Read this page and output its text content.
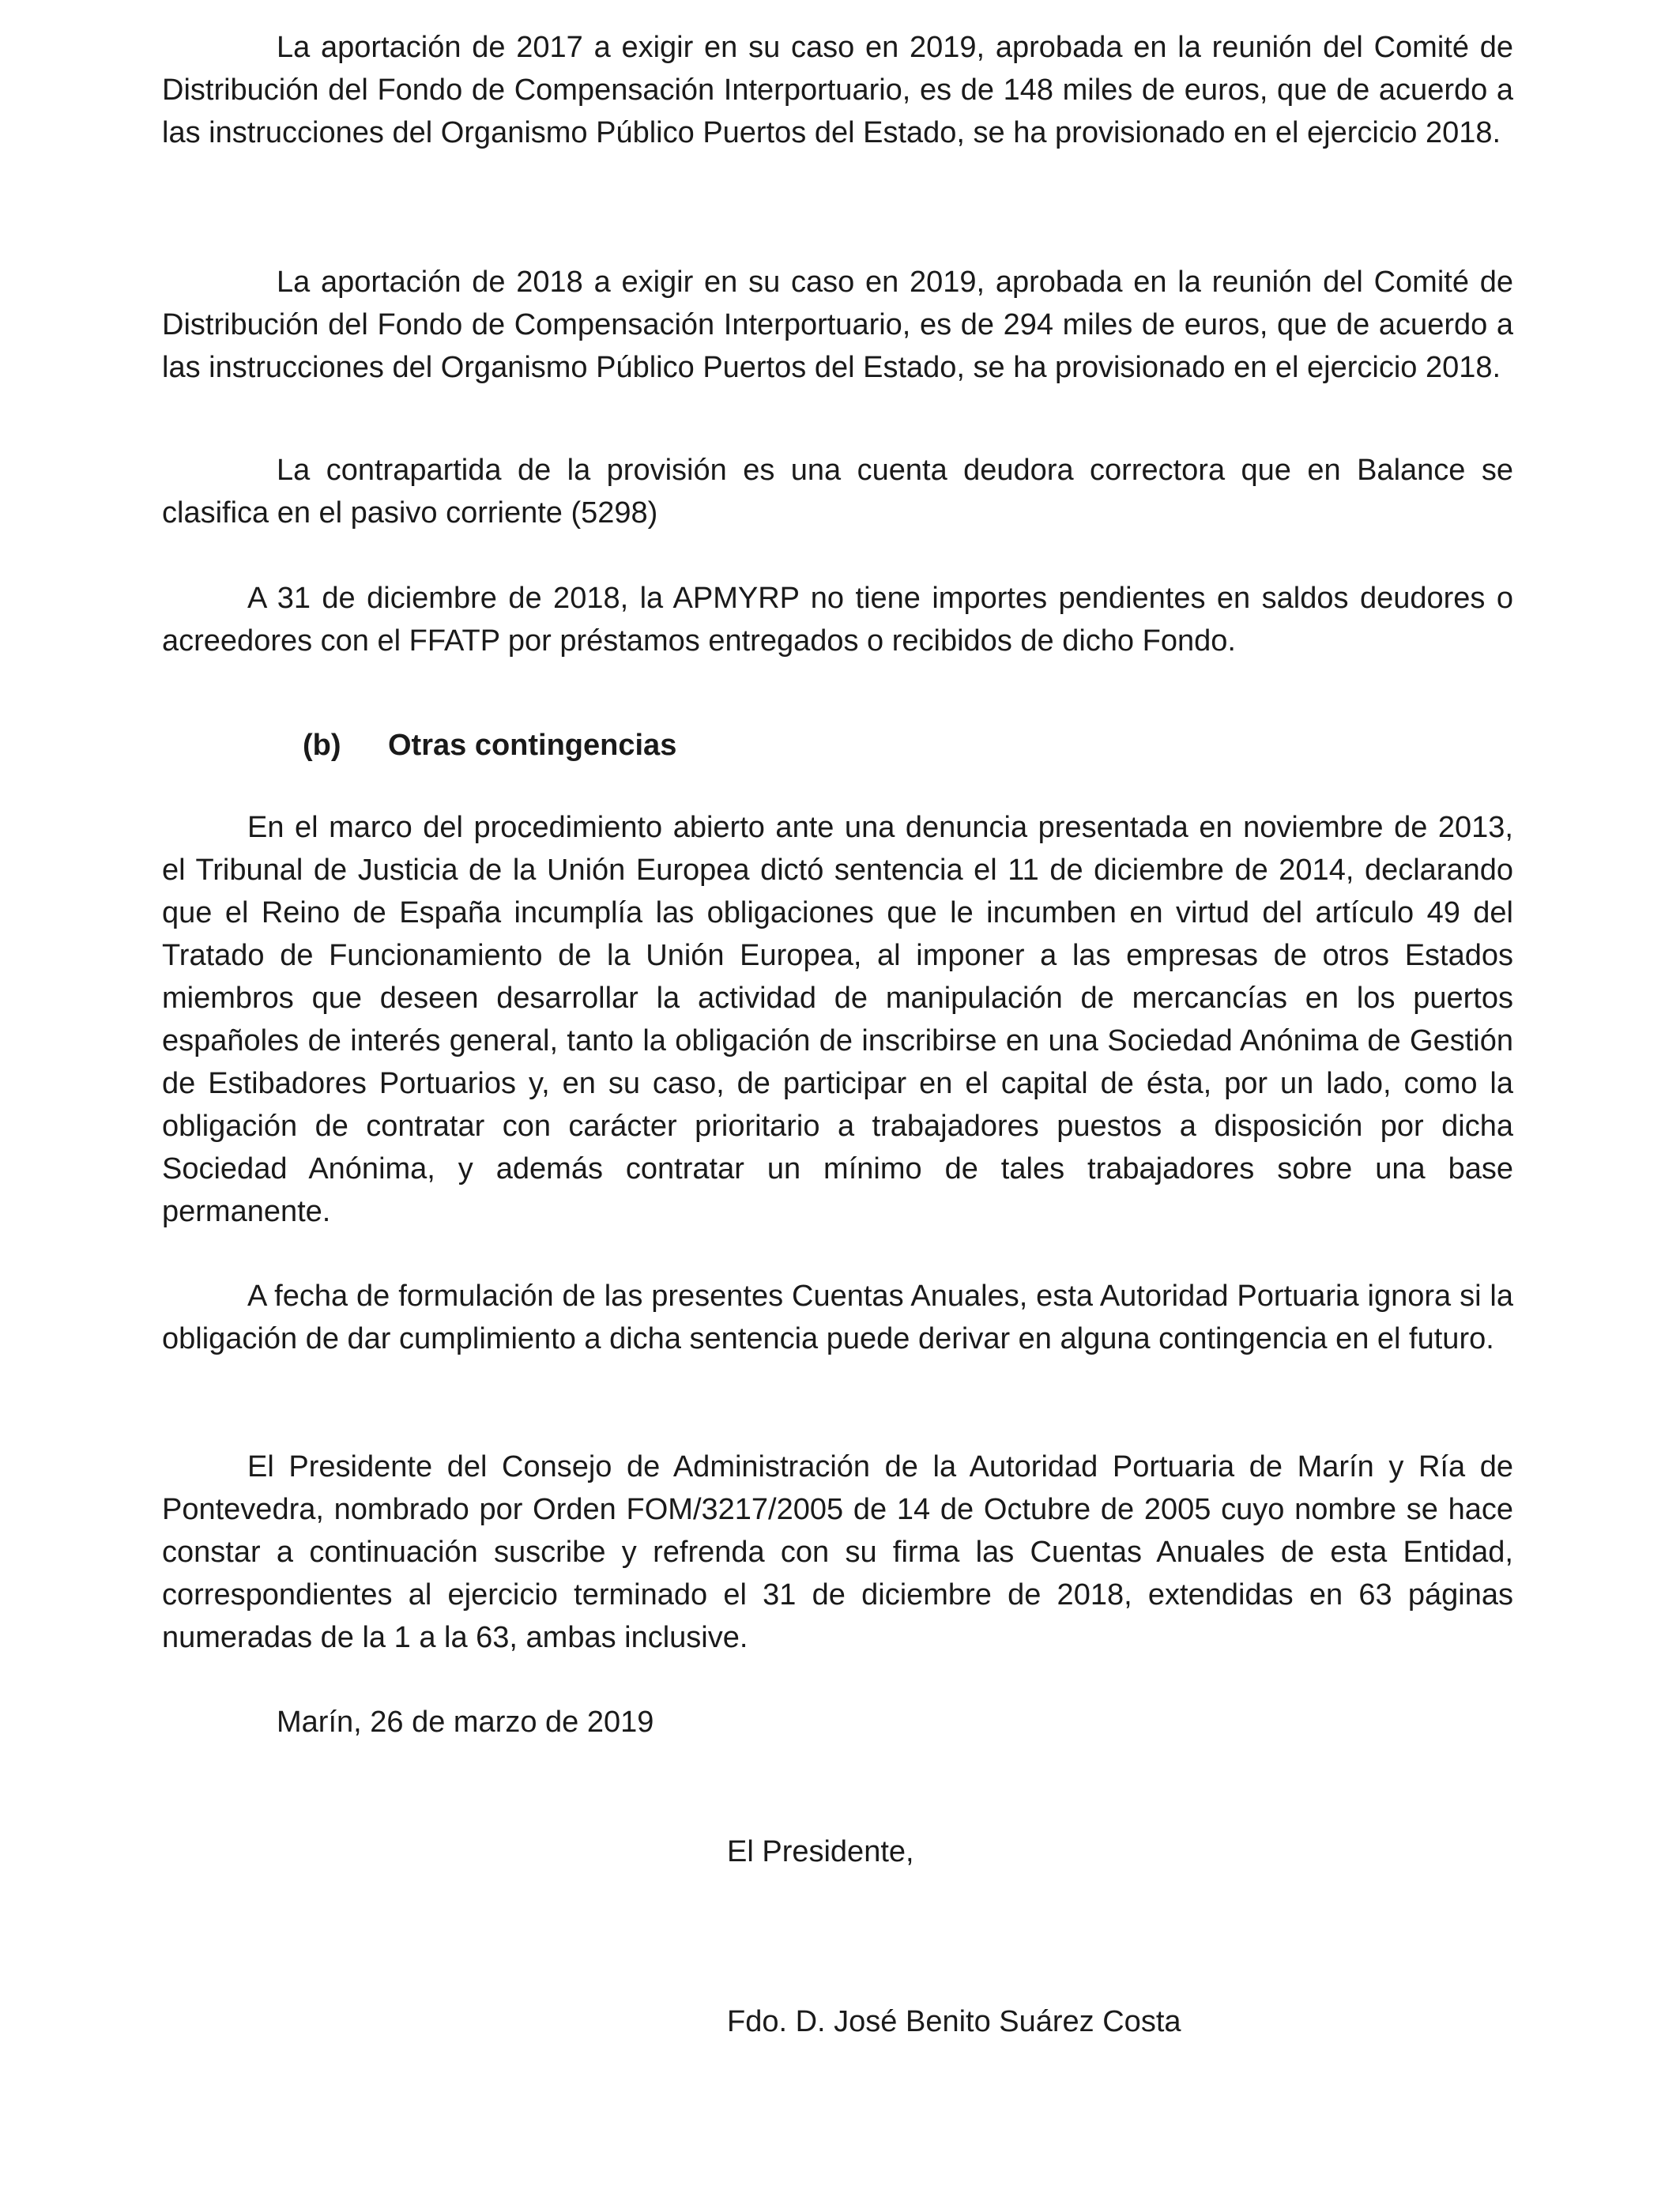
La aportación de 2017 a exigir en su caso en 2019, aprobada en la reunión del Comité de Distribución del Fondo de Compensación Interportuario, es de 148 miles de euros, que de acuerdo a las instrucciones del Organismo Público Puertos del Estado, se ha provisionado en el ejercicio 2018.

La aportación de 2018 a exigir en su caso en 2019, aprobada en la reunión del Comité de Distribución del Fondo de Compensación Interportuario, es de 294 miles de euros, que de acuerdo a las instrucciones del Organismo Público Puertos del Estado, se ha provisionado en el ejercicio 2018.

La contrapartida de la provisión es una cuenta deudora correctora que en Balance se clasifica en el pasivo corriente (5298)

A 31 de diciembre de 2018, la APMYRP no tiene importes pendientes en saldos deudores o acreedores con el FFATP por préstamos entregados o recibidos de dicho Fondo.

(b) Otras contingencias

En el marco del procedimiento abierto ante una denuncia presentada en noviembre de 2013, el Tribunal de Justicia de la Unión Europea dictó sentencia el 11 de diciembre de 2014, declarando que el Reino de España incumplía las obligaciones que le incumben en virtud del artículo 49 del Tratado de Funcionamiento de la Unión Europea, al imponer a las empresas de otros Estados miembros que deseen desarrollar la actividad de manipulación de mercancías en los puertos españoles de interés general, tanto la obligación de inscribirse en una Sociedad Anónima de Gestión de Estibadores Portuarios y, en su caso, de participar en el capital de ésta, por un lado, como la obligación de contratar con carácter prioritario a trabajadores puestos a disposición por dicha Sociedad Anónima, y además contratar un mínimo de tales trabajadores sobre una base permanente.

A fecha de formulación de las presentes Cuentas Anuales, esta Autoridad Portuaria ignora si la obligación de dar cumplimiento a dicha sentencia puede derivar en alguna contingencia en el futuro.

El Presidente del Consejo de Administración de la Autoridad Portuaria de Marín y Ría de Pontevedra, nombrado por Orden FOM/3217/2005 de 14 de Octubre de 2005 cuyo nombre se hace constar a continuación suscribe y refrenda con su firma las Cuentas Anuales de esta Entidad, correspondientes al ejercicio terminado el 31 de diciembre de 2018, extendidas en 63 páginas numeradas de la 1 a la 63, ambas inclusive.

Marín, 26 de marzo de 2019

El Presidente,

Fdo. D. José Benito Suárez Costa
